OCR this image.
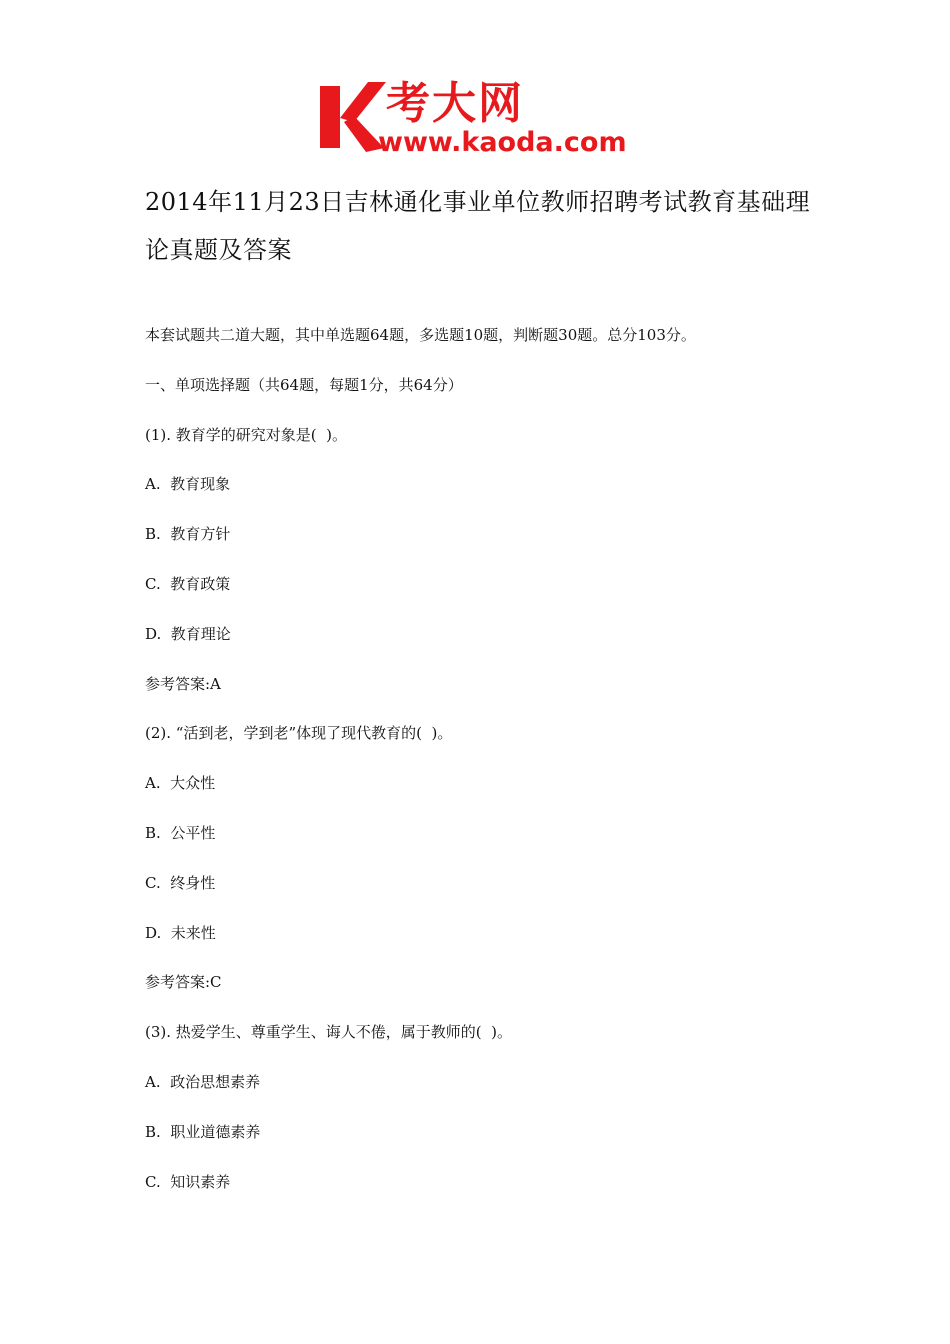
考大网
www.kaoda.com
2014年11月23日吉林通化事业单位教师招聘考试教育基础理论真题及答案
本套试题共二道大题，其中单选题64题，多选题10题，判断题30题。总分103分。
一、单项选择题（共64题，每题1分，共64分）
(1). 教育学的研究对象是(  )。
A.  教育现象
B.  教育方针
C.  教育政策
D.  教育理论
参考答案:A
(2). “活到老，学到老”体现了现代教育的(  )。
A.  大众性
B.  公平性
C.  终身性
D.  未来性
参考答案:C
(3). 热爱学生、尊重学生、诲人不倦，属于教师的(  )。
A.  政治思想素养
B.  职业道德素养
C.  知识素养
